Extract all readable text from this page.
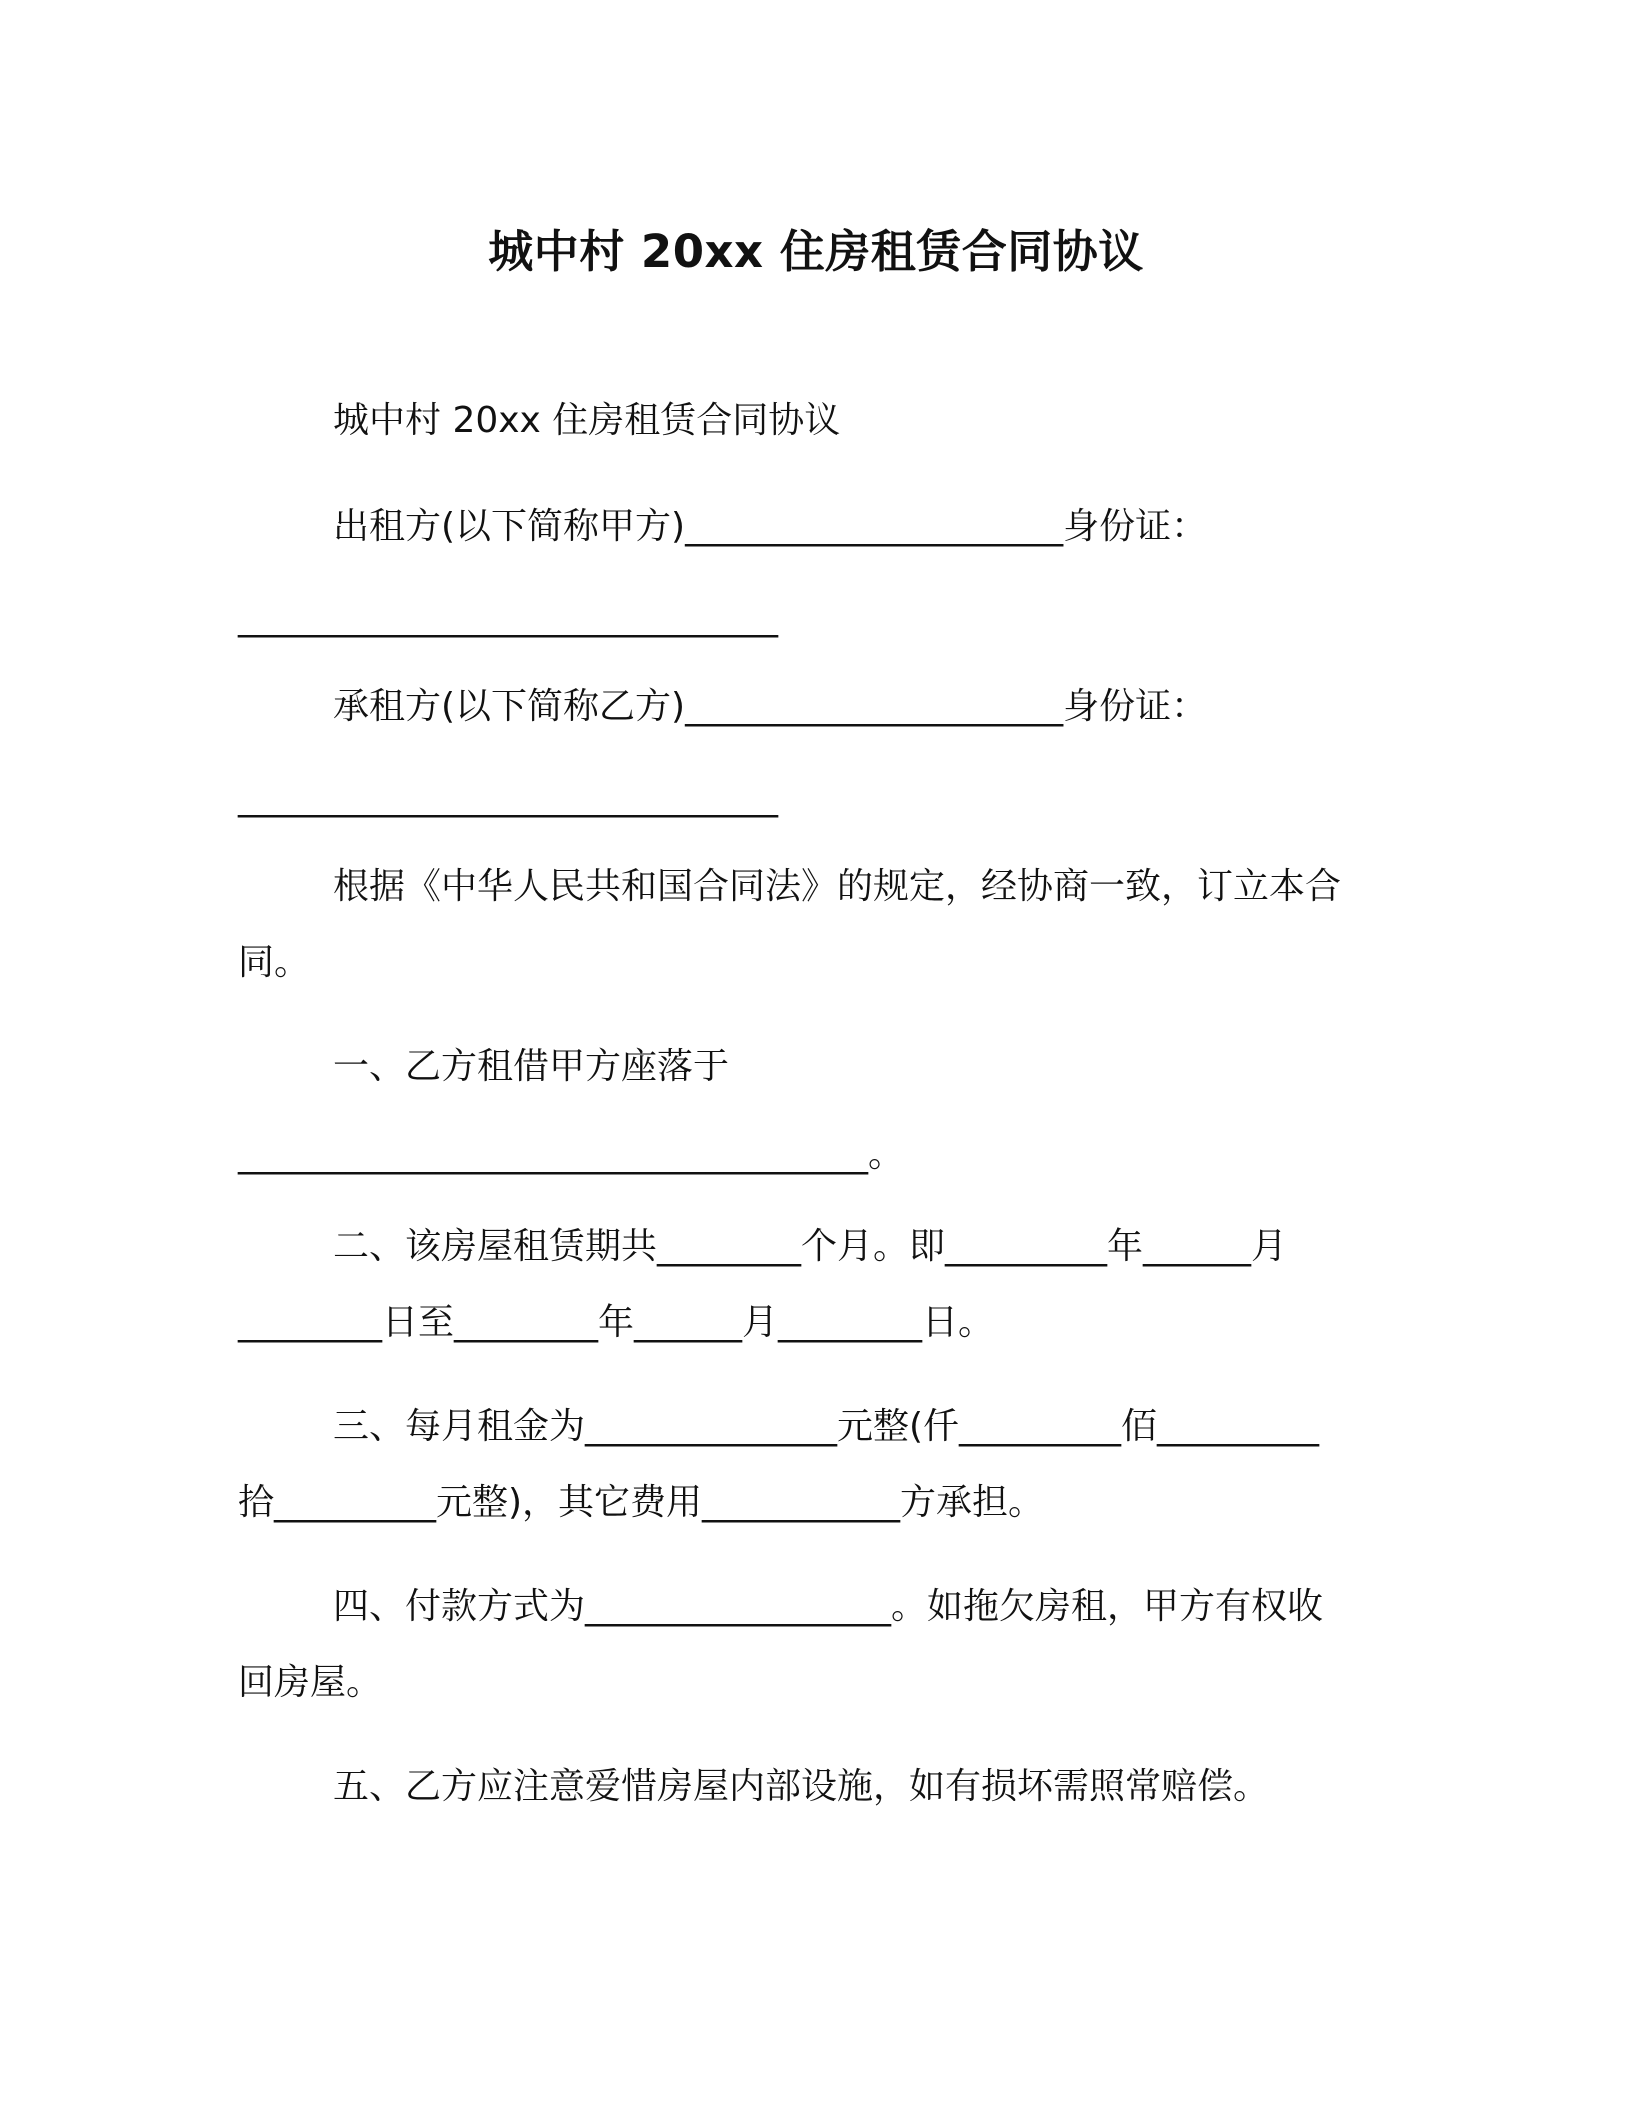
城中村 20xx 住房租赁合同协议
城中村 20xx 住房租赁合同协议
出租方(以下简称甲方)_____________________身份证：
______________________________
承租方(以下简称乙方)_____________________身份证：
______________________________
根据《中华人民共和国合同法》的规定，经协商一致，订立本合
同。
一、乙方租借甲方座落于
___________________________________。
二、该房屋租赁期共________个月。即_________年______月
________日至________年______月________日。
三、每月租金为______________元整(仟_________佰_________
拾_________元整)，其它费用___________方承担。
四、付款方式为_________________。如拖欠房租，甲方有权收
回房屋。
五、乙方应注意爱惜房屋内部设施，如有损坏需照常赔偿。
